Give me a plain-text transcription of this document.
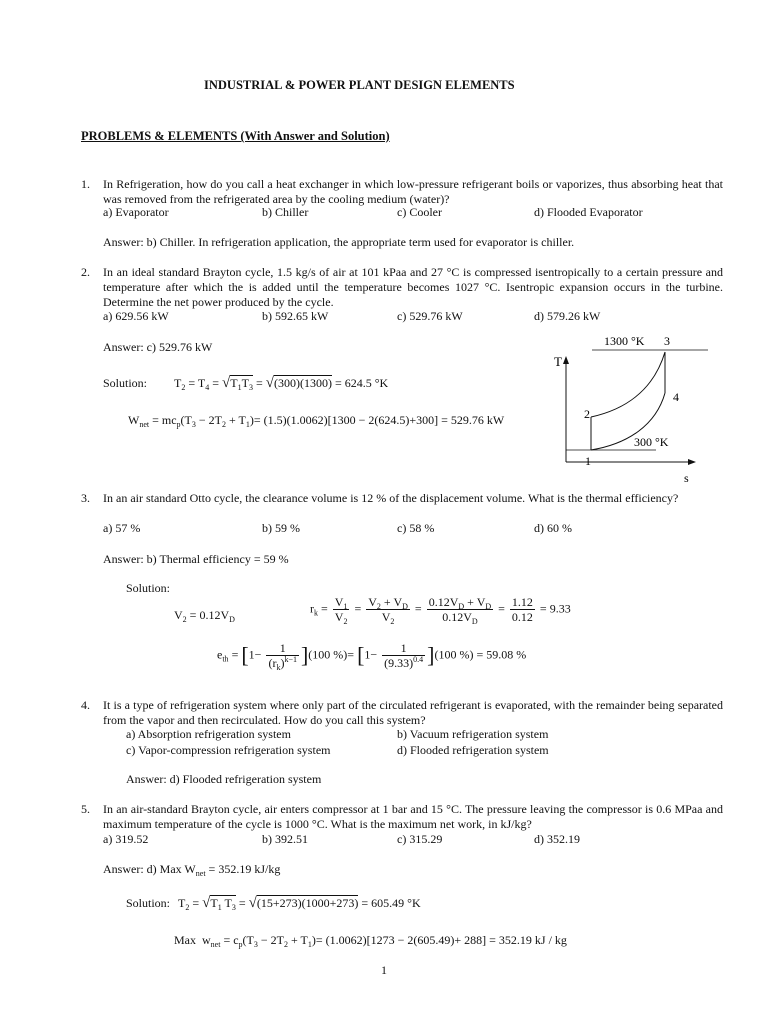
INDUSTRIAL & POWER PLANT DESIGN ELEMENTS
PROBLEMS & ELEMENTS (With Answer and Solution)
1. In Refrigeration, how do you call a heat exchanger in which low-pressure refrigerant boils or vaporizes, thus absorbing heat that was removed from the refrigerated area by the cooling medium (water)?
a) Evaporator	b) Chiller	c) Cooler	d) Flooded Evaporator
Answer: b) Chiller. In refrigeration application, the appropriate term used for evaporator is chiller.
2. In an ideal standard Brayton cycle, 1.5 kg/s of air at 101 kPaa and 27 °C is compressed isentropically to a certain pressure and temperature after which the is added until the temperature becomes 1027 °C. Isentropic expansion occurs in the turbine. Determine the net power produced by the cycle.
a) 629.56 kW	b) 592.65 kW	c) 529.76 kW	d) 579.26 kW
Answer: c) 529.76 kW
Solution: $T_2 = T_4 = √T_1T_3 = √(300)(1300) = 624.5$ °K
$W_{net} = mc_p(T_3 - 2T_2 + T_1)= (1.5)(1.0062)[1300 - 2(624.5)+300] = 529.76$ kW
T
s
1300 °K
300 °K
1
2
3
4
3. In an air standard Otto cycle, the clearance volume is 12 % of the displacement volume. What is the thermal efficiency?
a) 57 %	b) 59 %	c) 58 %	d) 60 %
Answer: b) Thermal efficiency = 59 %
Solution:
$V_2 = 0.12V_D$
$r_k = \frac{V_1}{V_2} = \frac{V_2 + V_D}{V_2} = \frac{0.12V_D + V_D}{0.12V_D} = \frac{1.12}{0.12} = 9.33$
$e_{th} = [1- \frac{1}{(r_k)^{k-1}} ](100$ %)= $[1- \frac{1}{(9.33)^{0.4}} ](100$ %) = 59.08 %
4. It is a type of refrigeration system where only part of the circulated refrigerant is evaporated, with the remainder being separated from the vapor and then recirculated. How do you call this system?
a) Absorption refrigeration system	b) Vacuum refrigeration system
c) Vapor-compression refrigeration system	d) Flooded refrigeration system
Answer: d) Flooded refrigeration system
5. In an air-standard Brayton cycle, air enters compressor at 1 bar and 15 °C. The pressure leaving the compressor is 0.6 MPaa and maximum temperature of the cycle is 1000 °C. What is the maximum net work, in kJ/kg?
a) 319.52	b) 392.51	c) 315.29	d) 352.19
Answer: d) Max $W_{net} = 352.19$ kJ/kg
Solution: $T_2 = √T_1$ $T_3 = √(15+273)(1000+273) = 605.49$ °K
Max  $w_{net} = c_p(T_3 - 2T_2 + T_1)= (1.0062)[1273 - 2(605.49)+ 288] = 352.19$ kJ / kg
1
